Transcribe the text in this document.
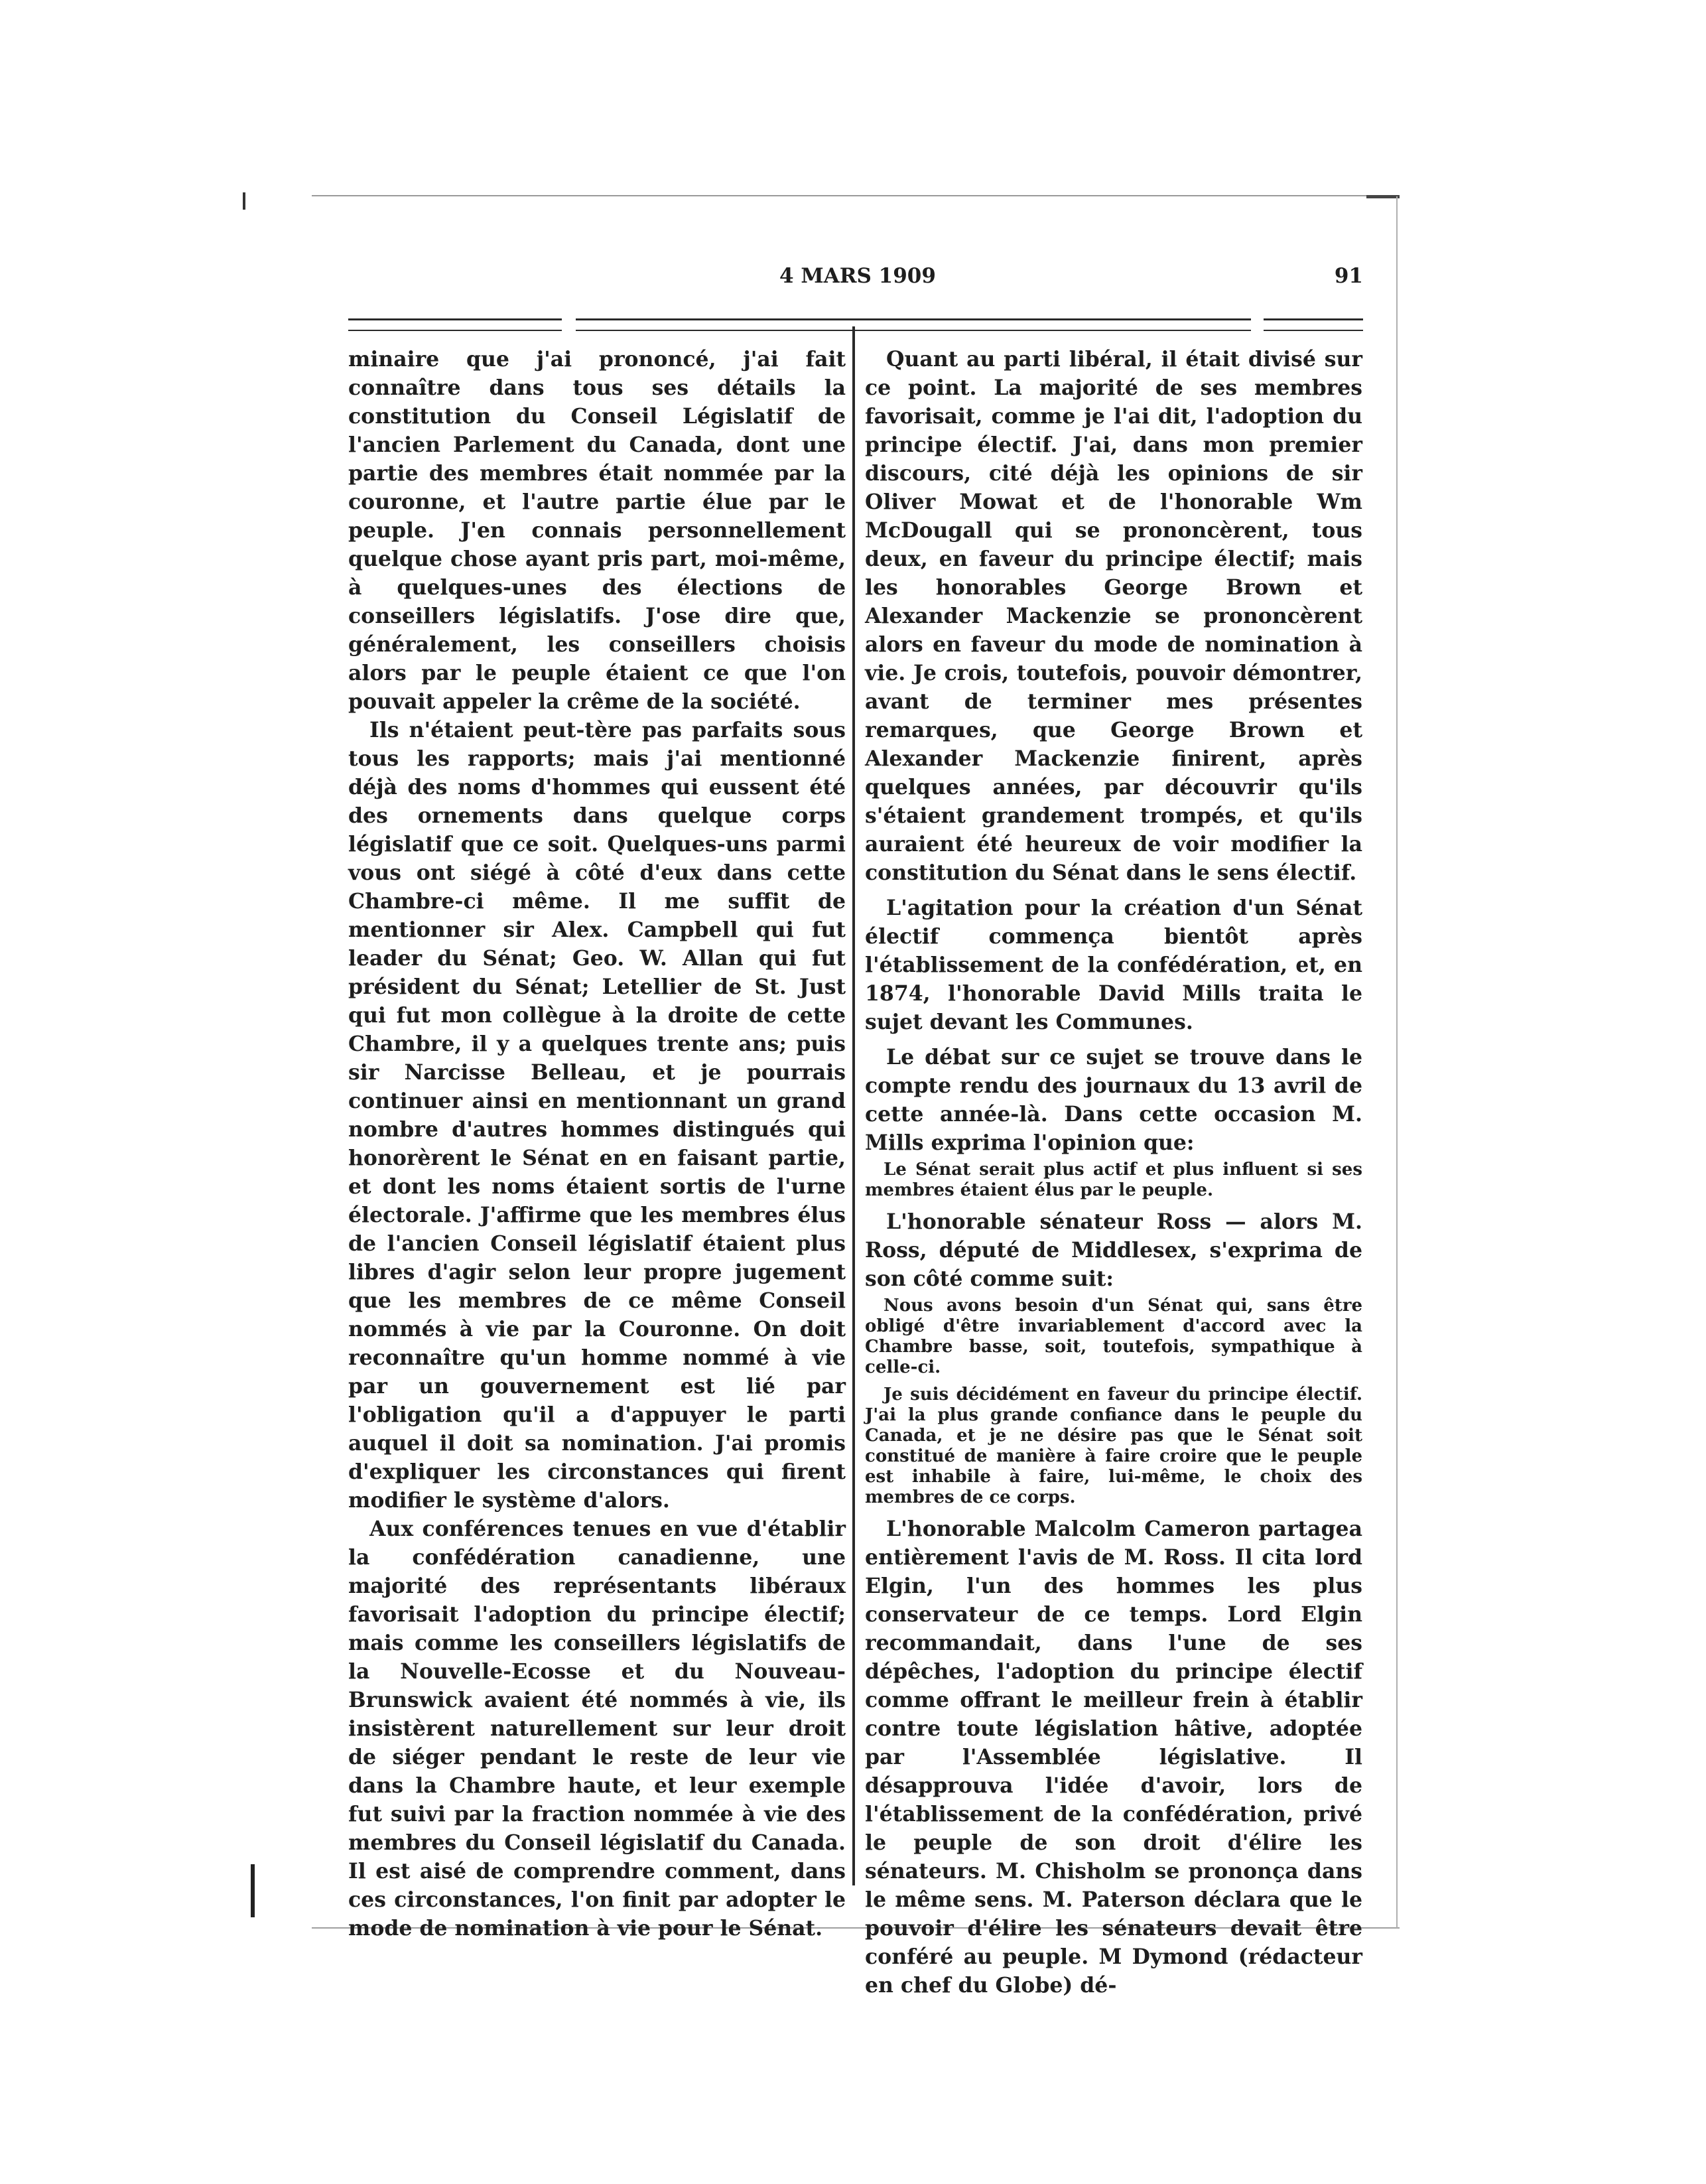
4 MARS 1909	91

minaire que j'ai prononcé, j'ai fait connaître dans tous ses détails la constitution du Conseil Législatif de l'ancien Parlement du Canada, dont une partie des membres était nommée par la couronne, et l'autre partie élue par le peuple. J'en connais personnellement quelque chose ayant pris part, moi-même, à quelques-unes des élections de conseillers législatifs. J'ose dire que, généralement, les conseillers choisis alors par le peuple étaient ce que l'on pouvait appeler la crême de la société.

Ils n'étaient peut-tère pas parfaits sous tous les rapports; mais j'ai mentionné déjà des noms d'hommes qui eussent été des ornements dans quelque corps législatif que ce soit. Quelques-uns parmi vous ont siégé à côté d'eux dans cette Chambre-ci même. Il me suffit de mentionner sir Alex. Campbell qui fut leader du Sénat; Geo. W. Allan qui fut président du Sénat; Letellier de St. Just qui fut mon collègue à la droite de cette Chambre, il y a quelques trente ans; puis sir Narcisse Belleau, et je pourrais continuer ainsi en mentionnant un grand nombre d'autres hommes distingués qui honorèrent le Sénat en en faisant partie, et dont les noms étaient sortis de l'urne électorale. J'affirme que les membres élus de l'ancien Conseil législatif étaient plus libres d'agir selon leur propre jugement que les membres de ce même Conseil nommés à vie par la Couronne. On doit reconnaître qu'un homme nommé à vie par un gouvernement est lié par l'obligation qu'il a d'appuyer le parti auquel il doit sa nomination. J'ai promis d'expliquer les circonstances qui firent modifier le système d'alors.

Aux conférences tenues en vue d'établir la confédération canadienne, une majorité des représentants libéraux favorisait l'adoption du principe électif; mais comme les conseillers législatifs de la Nouvelle-Ecosse et du Nouveau-Brunswick avaient été nommés à vie, ils insistèrent naturellement sur leur droit de siéger pendant le reste de leur vie dans la Chambre haute, et leur exemple fut suivi par la fraction nommée à vie des membres du Conseil législatif du Canada. Il est aisé de comprendre comment, dans ces circonstances, l'on finit par adopter le mode de nomination à vie pour le Sénat.

Quant au parti libéral, il était divisé sur ce point. La majorité de ses membres favorisait, comme je l'ai dit, l'adoption du principe électif. J'ai, dans mon premier discours, cité déjà les opinions de sir Oliver Mowat et de l'honorable Wm McDougall qui se prononcèrent, tous deux, en faveur du principe électif; mais les honorables George Brown et Alexander Mackenzie se prononcèrent alors en faveur du mode de nomination à vie. Je crois, toutefois, pouvoir démontrer, avant de terminer mes présentes remarques, que George Brown et Alexander Mackenzie finirent, après quelques années, par découvrir qu'ils s'étaient grandement trompés, et qu'ils auraient été heureux de voir modifier la constitution du Sénat dans le sens électif.

L'agitation pour la création d'un Sénat électif commença bientôt après l'établissement de la confédération, et, en 1874, l'honorable David Mills traita le sujet devant les Communes.

Le débat sur ce sujet se trouve dans le compte rendu des journaux du 13 avril de cette année-là. Dans cette occasion M. Mills exprima l'opinion que:

Le Sénat serait plus actif et plus influent si ses membres étaient élus par le peuple.

L'honorable sénateur Ross — alors M. Ross, député de Middlesex, s'exprima de son côté comme suit:

Nous avons besoin d'un Sénat qui, sans être obligé d'être invariablement d'accord avec la Chambre basse, soit, toutefois, sympathique à celle-ci.

Je suis décidément en faveur du principe électif. J'ai la plus grande confiance dans le peuple du Canada, et je ne désire pas que le Sénat soit constitué de manière à faire croire que le peuple est inhabile à faire, lui-même, le choix des membres de ce corps.

L'honorable Malcolm Cameron partagea entièrement l'avis de M. Ross. Il cita lord Elgin, l'un des hommes les plus conservateur de ce temps. Lord Elgin recommandait, dans l'une de ses dépêches, l'adoption du principe électif comme offrant le meilleur frein à établir contre toute législation hâtive, adoptée par l'Assemblée législative. Il désapprouva l'idée d'avoir, lors de l'établissement de la confédération, privé le peuple de son droit d'élire les sénateurs. M. Chisholm se prononça dans le même sens. M. Paterson déclara que le pouvoir d'élire les sénateurs devait être conféré au peuple. M Dymond (rédacteur en chef du Globe) dé-
